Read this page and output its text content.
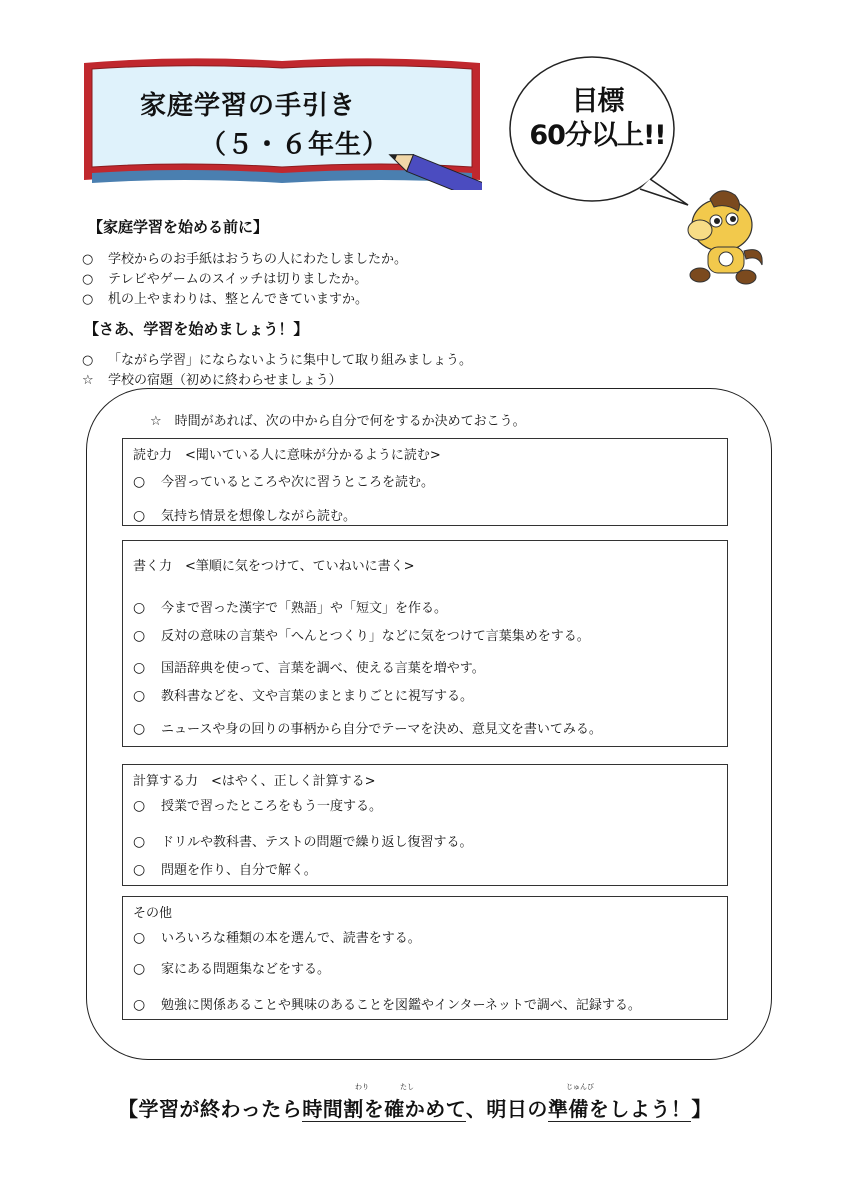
家庭学習の手引き
（５・６年生）
目標
60分以上!!
【家庭学習を始める前に】
○ 学校からのお手紙はおうちの人にわたしましたか。
○ テレビやゲームのスイッチは切りましたか。
○ 机の上やまわりは、整とんできていますか。
【さあ、学習を始めましょう！】
○ 「ながら学習」にならないように集中して取り組みましょう。
☆ 学校の宿題（初めに終わらせましょう）
☆　時間があれば、次の中から自分で何をするか決めておこう。
読む力　<聞いている人に意味が分かるように読む>
○ 今習っているところや次に習うところを読む。
○ 気持ち情景を想像しながら読む。
書く力　<筆順に気をつけて、ていねいに書く>
○ 今まで習った漢字で「熟語」や「短文」を作る。
○ 反対の意味の言葉や「へんとつくり」などに気をつけて言葉集めをする。
○ 国語辞典を使って、言葉を調べ、使える言葉を増やす。
○ 教科書などを、文や言葉のまとまりごとに視写する。
○ ニュースや身の回りの事柄から自分でテーマを決め、意見文を書いてみる。
計算する力　<はやく、正しく計算する>
○ 授業で習ったところをもう一度する。
○ ドリルや教科書、テストの問題で繰り返し復習する。
○ 問題を作り、自分で解く。
その他
○ いろいろな種類の本を選んで、読書をする。
○ 家にある問題集などをする。
○ 勉強に関係あることや興味のあることを図鑑やインターネットで調べ、記録する。
わり	たし	じゅんび
【学習が終わったら時間割を確かめて、明日の準備をしよう！】
